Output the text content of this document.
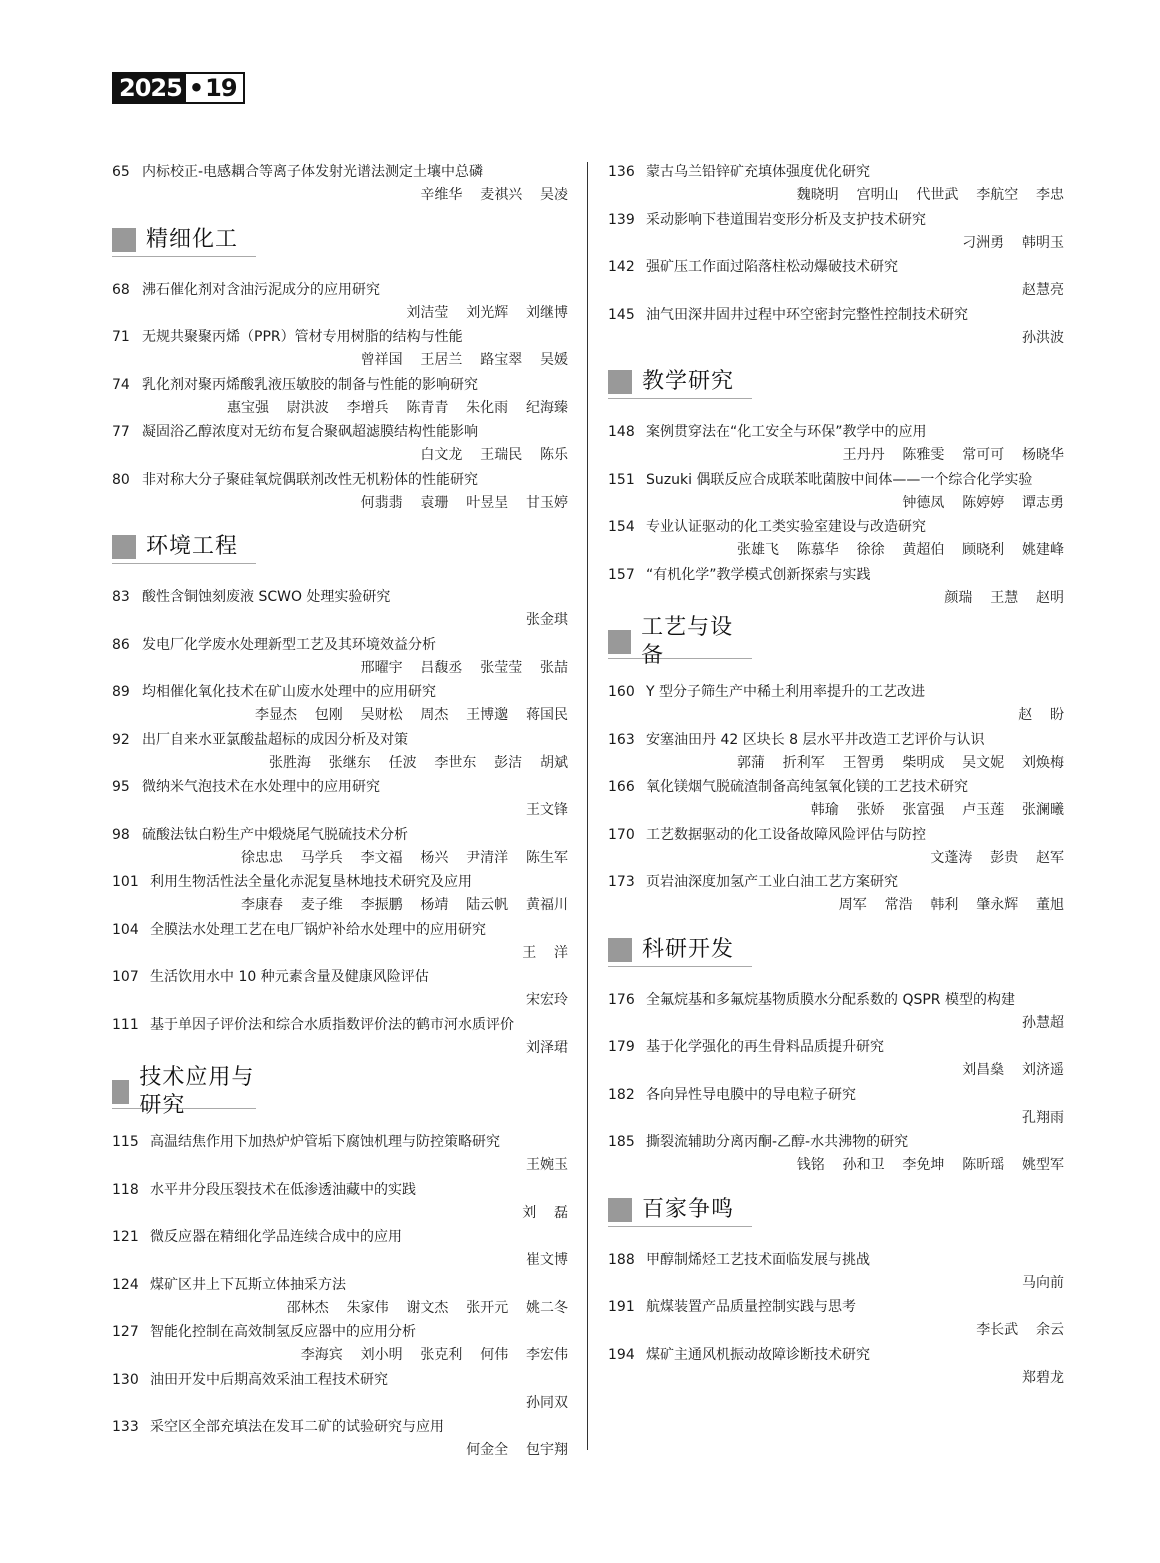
2025 • 19
65 内标校正-电感耦合等离子体发射光谱法测定土壤中总磷
辛维华    麦祺兴    吴凌
精细化工
68 沸石催化剂对含油污泥成分的应用研究
刘洁莹    刘光辉    刘继博
71 无规共聚聚丙烯（PPR）管材专用树脂的结构与性能
曾祥国    王居兰    路宝翠    吴媛
74 乳化剂对聚丙烯酸乳液压敏胶的制备与性能的影响研究
惠宝强    尉洪波    李增兵    陈青青    朱化雨    纪海臻
77 凝固浴乙醇浓度对无纺布复合聚砜超滤膜结构性能影响
白文龙    王瑞民    陈乐
80 非对称大分子聚硅氧烷偶联剂改性无机粉体的性能研究
何翡翡    袁珊    叶昱呈    甘玉婷
环境工程
83 酸性含铜蚀刻废液 SCWO 处理实验研究
张金琪
86 发电厂化学废水处理新型工艺及其环境效益分析
邢曜宇    吕馥丞    张莹莹    张喆
89 均相催化氧化技术在矿山废水处理中的应用研究
李显杰    包刚    吴财松    周杰    王博邈    蒋国民
92 出厂自来水亚氯酸盐超标的成因分析及对策
张胜海    张继东    任波    李世东    彭洁    胡斌
95 微纳米气泡技术在水处理中的应用研究
王文锋
98 硫酸法钛白粉生产中煅烧尾气脱硫技术分析
徐忠忠    马学兵    李文福    杨兴    尹清洋    陈生军
101 利用生物活性法全量化赤泥复垦林地技术研究及应用
李康春    麦子维    李振鹏    杨靖    陆云帆    黄福川
104 全膜法水处理工艺在电厂锅炉补给水处理中的应用研究
王    洋
107 生活饮用水中 10 种元素含量及健康风险评估
宋宏玲
111 基于单因子评价法和综合水质指数评价法的鹤市河水质评价
刘泽珺
技术应用与研究
115 高温结焦作用下加热炉炉管垢下腐蚀机理与防控策略研究
王婉玉
118 水平井分段压裂技术在低渗透油藏中的实践
刘    磊
121 微反应器在精细化学品连续合成中的应用
崔文博
124 煤矿区井上下瓦斯立体抽采方法
邵林杰    朱家伟    谢文杰    张开元    姚二冬
127 智能化控制在高效制氢反应器中的应用分析
李海宾    刘小明    张克利    何伟    李宏伟
130 油田开发中后期高效采油工程技术研究
孙同双
133 采空区全部充填法在发耳二矿的试验研究与应用
何金全    包宇翔
136 蒙古乌兰铅锌矿充填体强度优化研究
魏晓明    宫明山    代世武    李航空    李忠
139 采动影响下巷道围岩变形分析及支护技术研究
刁洲勇    韩明玉
142 强矿压工作面过陷落柱松动爆破技术研究
赵慧亮
145 油气田深井固井过程中环空密封完整性控制技术研究
孙洪波
教学研究
148 案例贯穿法在“化工安全与环保”教学中的应用
王丹丹    陈雅雯    常可可    杨晓华
151 Suzuki 偶联反应合成联苯吡菌胺中间体——一个综合化学实验
钟德凤    陈婷婷    谭志勇
154 专业认证驱动的化工类实验室建设与改造研究
张雄飞    陈慕华    徐徐    黄超伯    顾晓利    姚建峰
157 “有机化学”教学模式创新探索与实践
颜瑞    王慧    赵明
工艺与设备
160 Y 型分子筛生产中稀土利用率提升的工艺改进
赵    盼
163 安塞油田丹 42 区块长 8 层水平井改造工艺评价与认识
郭蒲    折利军    王智勇    柴明成    吴文妮    刘焕梅
166 氧化镁烟气脱硫渣制备高纯氢氧化镁的工艺技术研究
韩瑜    张娇    张富强    卢玉莲    张澜曦
170 工艺数据驱动的化工设备故障风险评估与防控
文蓬涛    彭贵    赵军
173 页岩油深度加氢产工业白油工艺方案研究
周军    常浩    韩利    肇永辉    董旭
科研开发
176 全氟烷基和多氟烷基物质膜水分配系数的 QSPR 模型的构建
孙慧超
179 基于化学强化的再生骨料品质提升研究
刘昌燊    刘济遥
182 各向异性导电膜中的导电粒子研究
孔翔雨
185 撕裂流辅助分离丙酮-乙醇-水共沸物的研究
钱铭    孙和卫    李免坤    陈昕瑶    姚型军
百家争鸣
188 甲醇制烯烃工艺技术面临发展与挑战
马向前
191 航煤装置产品质量控制实践与思考
李长武    余云
194 煤矿主通风机振动故障诊断技术研究
郑碧龙
